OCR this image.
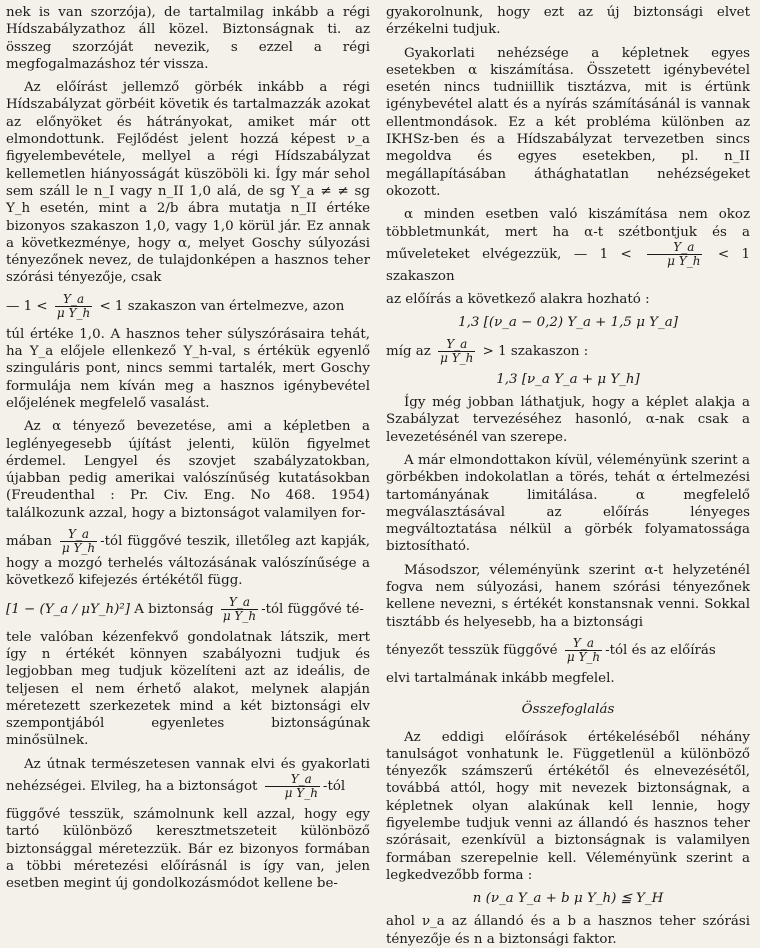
nek is van szorzója), de tartalmilag inkább a régi Hídszabályzathoz áll közel. Biztonságnak ti. az összeg szorzóját nevezik, s ezzel a régi megfogalmazáshoz tér vissza.

Az előírást jellemző görbék inkább a régi Hídszabályzat görbéit követik és tartalmazzák azokat az előnyöket és hátrányokat, amiket már ott elmondottunk. Fejlődést jelent hozzá képest ν_a figyelembevétele, mellyel a régi Hídszabályzat kellemetlen hiányosságát küszöböli ki. Így már sehol sem száll le n_I vagy n_II 1,0 alá, de sg Y_a ≠ ≠ sg Y_h esetén, mint a 2/b ábra mutatja n_II értéke bizonyos szakaszon 1,0, vagy 1,0 körül jár. Ez annak a következménye, hogy α, melyet Goschy súlyozási tényezőnek nevez, de tulajdonképen a hasznos teher szórási tényezője, csak

— $1 < \frac{Y\_a}{\text{μ Y\_h}} < 1$ szakaszon van értelmezve, azon

túl értéke 1,0. A hasznos teher súlyszórásaira tehát, ha Y_a előjele ellenkező Y_h-val, s értékük egyenlő szinguláris pont, nincs semmi tartalék, mert Goschy formulája nem kíván meg a hasznos igénybevétel előjelének megfelelő vasalást.

Az α tényező bevezetése, ami a képletben a leglényegesebb újítást jelenti, külön figyelmet érdemel. Lengyel és szovjet szabályzatokban, újabban pedig amerikai valószínűség kutatásokban (Freudenthal : Pr. Civ. Eng. No 468. 1954) találkozunk azzal, hogy a biztonságot valamilyen for-

mában $\frac{Y\_a}{\text{μ Y\_h}}$ -tól függővé teszik, illetőleg azt kapják, hogy a mozgó terhelés változásának valószínűsége a következő kifejezés értékétől függ.

[1 − (Y_a / μY_h)²] A biztonság $\frac{Y\_a}{\text{μ Y\_h}}$ -tól függővé té-

tele valóban kézenfekvő gondolatnak látszik, mert így n értékét könnyen szabályozni tudjuk és legjobban meg tudjuk közelíteni azt az ideális, de teljesen el nem érhető alakot, melynek alapján méretezett szerkezetek mind a két biztonsági elv szempontjából egyenletes biztonságúnak minősülnek.

Az útnak természetesen vannak elvi és gyakorlati nehézségei. Elvileg, ha a biztonságot $\frac{Y\_a}{\text{μ Y\_h}}$ -tól

függővé tesszük, számolnunk kell azzal, hogy egy tartó különböző keresztmetszeteit különböző biztonsággal méretezzük. Bár ez bizonyos formában a többi méretezési előírásnál is így van, jelen esetben megint új gondolkozásmódot kellene be-

gyakorolnunk, hogy ezt az új biztonsági elvet érzékelni tudjuk.

Gyakorlati nehézsége a képletnek egyes esetekben α kiszámítása. Összetett igénybevétel esetén nincs tudniillik tisztázva, mit is értünk igénybevétel alatt és a nyírás számításánál is vannak ellentmondások. Ez a két probléma különben az IKHSz-ben és a Hídszabályzat tervezetben sincs megoldva és egyes esetekben, pl. n_II megállapításában áthághatatlan nehézségeket okozott.

α minden esetben való kiszámítása nem okoz többletmunkát, mert ha α-t szétbontjuk és a műveleteket elvégezzük, — $1 < \frac{Y\_a}{\text{μ Y\_h}} < 1$ szakaszon

az előírás a következő alakra hozható :

1,3 [(ν_a − 0,2) Y_a + 1,5 μ Y_a]

míg az $\frac{Y\_a}{\text{μ Y\_h}} > 1$ szakaszon :

1,3 [ν_a Y_a + μ Y_h]

Így még jobban láthatjuk, hogy a képlet alakja a Szabályzat tervezéséhez hasonló, α-nak csak a levezetésénél van szerepe.

A már elmondottakon kívül, véleményünk szerint a görbékben indokolatlan a törés, tehát α értelmezési tartományának limitálása. α megfelelő megválasztásával az előírás lényeges megváltoztatása nélkül a görbék folyamatossága biztosítható.

Másodszor, véleményünk szerint α-t helyzeténél fogva nem súlyozási, hanem szórási tényezőnek kellene nevezni, s értékét konstansnak venni. Sokkal tisztább és helyesebb, ha a biztonsági

tényezőt tesszük függővé $\frac{Y\_a}{\text{μ Y\_h}}$ -tól és az előírás

elvi tartalmának inkább megfelel.

Összefoglalás

Az eddigi előírások értékeléséből néhány tanulságot vonhatunk le. Függetlenül a különböző tényezők számszerű értékétől és elnevezésétől, továbbá attól, hogy mit nevezek biztonságnak, a képletnek olyan alakúnak kell lennie, hogy figyelembe tudjuk venni az állandó és hasznos teher szórásait, ezenkívül a biztonságnak is valamilyen formában szerepelnie kell. Véleményünk szerint a legkedvezőbb forma :

n (ν_a Y_a + b μ Y_h) ≦ Y_H

ahol ν_a az állandó és a b a hasznos teher szórási tényezője és n a biztonsági faktor.
